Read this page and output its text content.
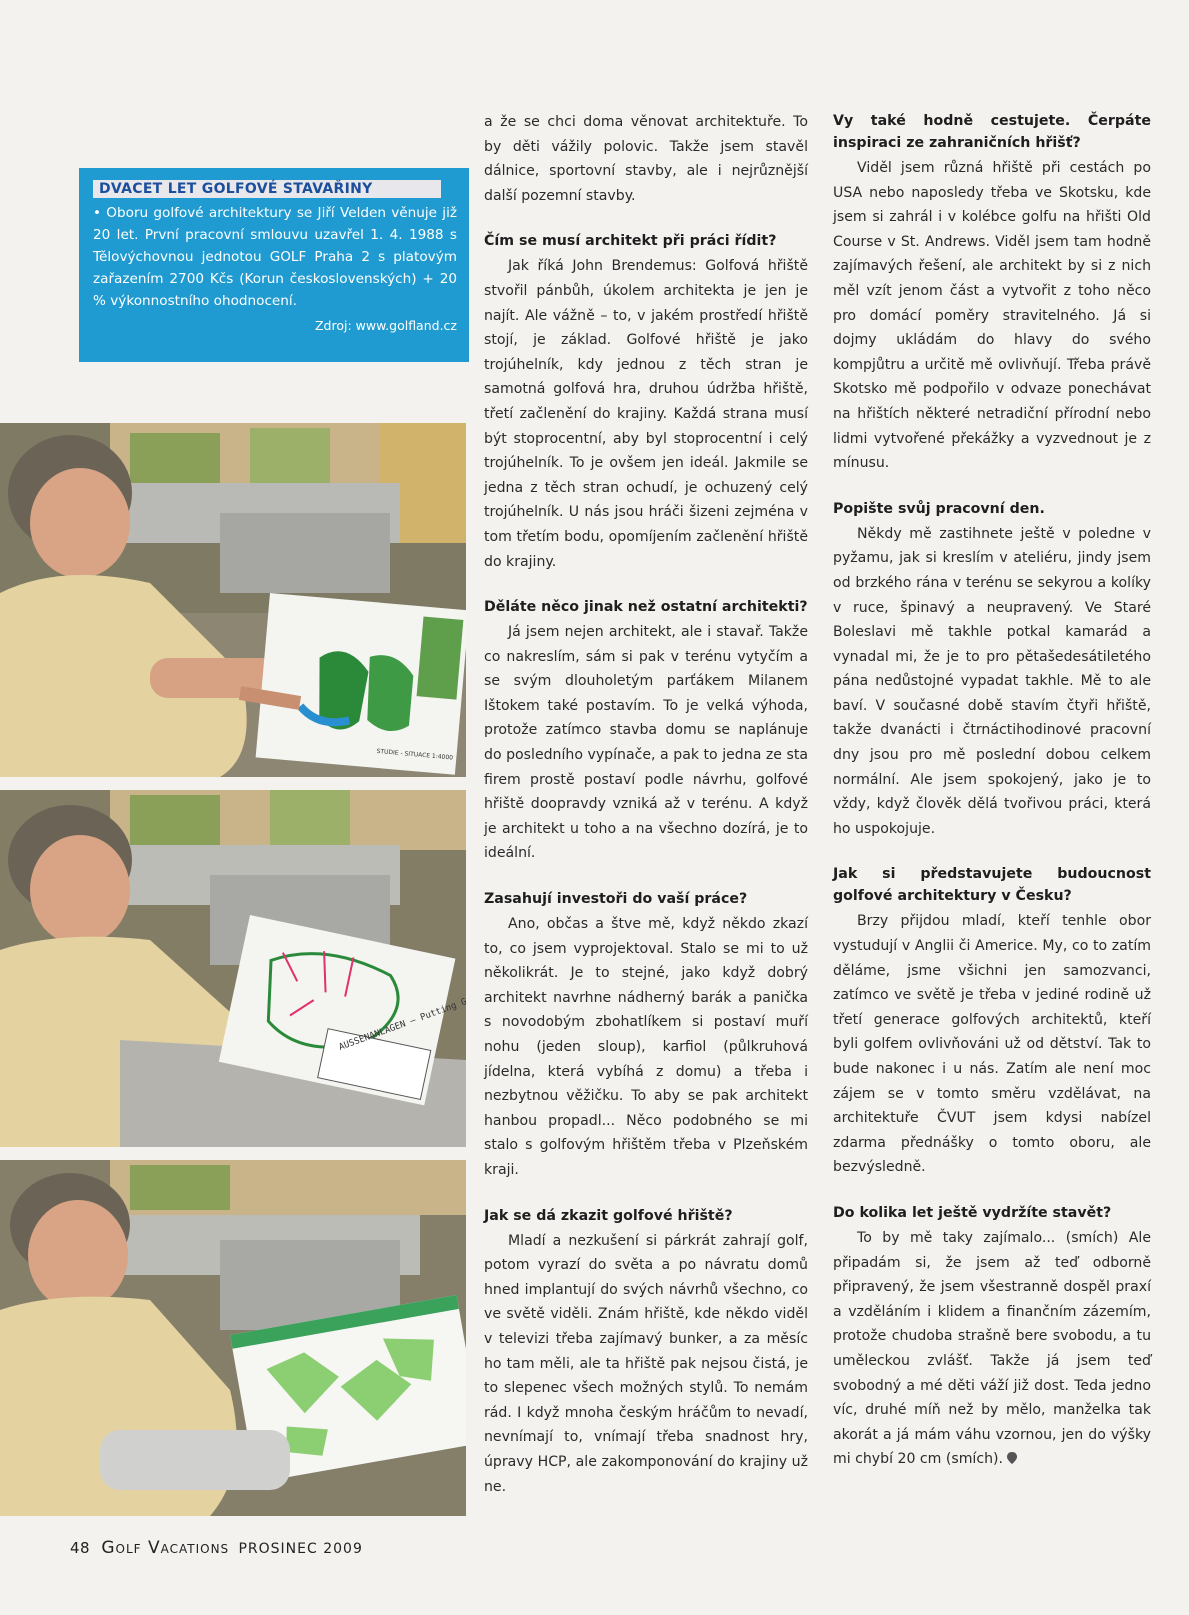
DVACET LET GOLFOVÉ STAVAŘINY

• Oboru golfové architektury se Jiří Velden věnuje již 20 let. První pracovní smlouvu uzavřel 1. 4. 1988 s Tělovýchovnou jednotou GOLF Praha 2 s platovým zařazením 2700 Kčs (Korun československých) + 20 % výkonnostního ohodnocení.

Zdroj: www.golfland.cz
STUDIE - SITUACE 1:4000
AUSSENANLAGEN – Putting Green

a že se chci doma věnovat architektuře. To by děti vážily polovic. Takže jsem stavěl dálnice, sportovní stavby, ale i nejrůznější další pozemní stavby.

Čím se musí architekt při práci řídit?

Jak říká John Brendemus: Golfová hřiště stvořil pánbůh, úkolem architekta je jen je najít. Ale vážně – to, v jakém prostředí hřiště stojí, je základ. Golfové hřiště je jako trojúhelník, kdy jednou z těch stran je samotná golfová hra, druhou údržba hřiště, třetí začlenění do krajiny. Každá strana musí být stoprocentní, aby byl stoprocentní i celý trojúhelník. To je ovšem jen ideál. Jakmile se jedna z těch stran ochudí, je ochuzený celý trojúhelník. U nás jsou hráči šizeni zejména v tom třetím bodu, opomíjením začlenění hřiště do krajiny.

Děláte něco jinak než ostatní architekti?

Já jsem nejen architekt, ale i stavař. Takže co nakreslím, sám si pak v terénu vytyčím a se svým dlouholetým parťákem Milanem Ištokem také postavím. To je velká výhoda, protože zatímco stavba domu se naplánuje do posledního vypínače, a pak to jedna ze sta firem prostě postaví podle návrhu, golfové hřiště doopravdy vzniká až v terénu. A když je architekt u toho a na všechno dozírá, je to ideální.

Zasahují investoři do vaší práce?

Ano, občas a štve mě, když někdo zkazí to, co jsem vyprojektoval. Stalo se mi to už několikrát. Je to stejné, jako když dobrý architekt navrhne nádherný barák a panička s novodobým zbohatlíkem si postaví muří nohu (jeden sloup), karfiol (půlkruhová jídelna, která vybíhá z domu) a třeba i nezbytnou věžičku. To aby se pak architekt hanbou propadl... Něco podobného se mi stalo s golfovým hřištěm třeba v Plzeňském kraji.

Jak se dá zkazit golfové hřiště?

Mladí a nezkušení si párkrát zahrají golf, potom vyrazí do světa a po návratu domů hned implantují do svých návrhů všechno, co ve světě viděli. Znám hřiště, kde někdo viděl v televizi třeba zajímavý bunker, a za měsíc ho tam měli, ale ta hřiště pak nejsou čistá, je to slepenec všech možných stylů. To nemám rád. I když mnoha českým hráčům to nevadí, nevnímají to, vnímají třeba snadnost hry, úpravy HCP, ale zakomponování do krajiny už ne.

Vy také hodně cestujete. Čerpáte inspiraci ze zahraničních hřišť?

Viděl jsem různá hřiště při cestách po USA nebo naposledy třeba ve Skotsku, kde jsem si zahrál i v kolébce golfu na hřišti Old Course v St. Andrews. Viděl jsem tam hodně zajímavých řešení, ale architekt by si z nich měl vzít jenom část a vytvořit z toho něco pro domácí poměry stravitelného. Já si dojmy ukládám do hlavy do svého kompjůtru a určitě mě ovlivňují. Třeba právě Skotsko mě podpořilo v odvaze ponechávat na hřištích některé netradiční přírodní nebo lidmi vytvořené překážky a vyzvednout je z mínusu.

Popište svůj pracovní den.

Někdy mě zastihnete ještě v poledne v pyžamu, jak si kreslím v ateliéru, jindy jsem od brzkého rána v terénu se sekyrou a kolíky v ruce, špinavý a neupravený. Ve Staré Boleslavi mě takhle potkal kamarád a vynadal mi, že je to pro pětašedesátiletého pána nedůstojné vypadat takhle. Mě to ale baví. V současné době stavím čtyři hřiště, takže dvanácti i čtrnáctihodinové pracovní dny jsou pro mě poslední dobou celkem normální. Ale jsem spokojený, jako je to vždy, když člověk dělá tvořivou práci, která ho uspokojuje.

Jak si představujete budoucnost golfové architektury v Česku?

Brzy přijdou mladí, kteří tenhle obor vystudují v Anglii či Americe. My, co to zatím děláme, jsme všichni jen samozvanci, zatímco ve světě je třeba v jediné rodině už třetí generace golfových architektů, kteří byli golfem ovlivňováni už od dětství. Tak to bude nakonec i u nás. Zatím ale není moc zájem se v tomto směru vzdělávat, na architektuře ČVUT jsem kdysi nabízel zdarma přednášky o tomto oboru, ale bezvýsledně.

Do kolika let ještě vydržíte stavět?

To by mě taky zajímalo... (smích) Ale připadám si, že jsem až teď odborně připravený, že jsem všestranně dospěl praxí a vzděláním i klidem a finančním zázemím, protože chudoba strašně bere svobodu, a tu uměleckou zvlášť. Takže já jsem teď svobodný a mé děti váží již dost. Teda jedno víc, druhé míň než by mělo, manželka tak akorát a já mám váhu vzornou, jen do výšky mi chybí 20 cm (smích).

48 Golf Vacations PROSINEC 2009
